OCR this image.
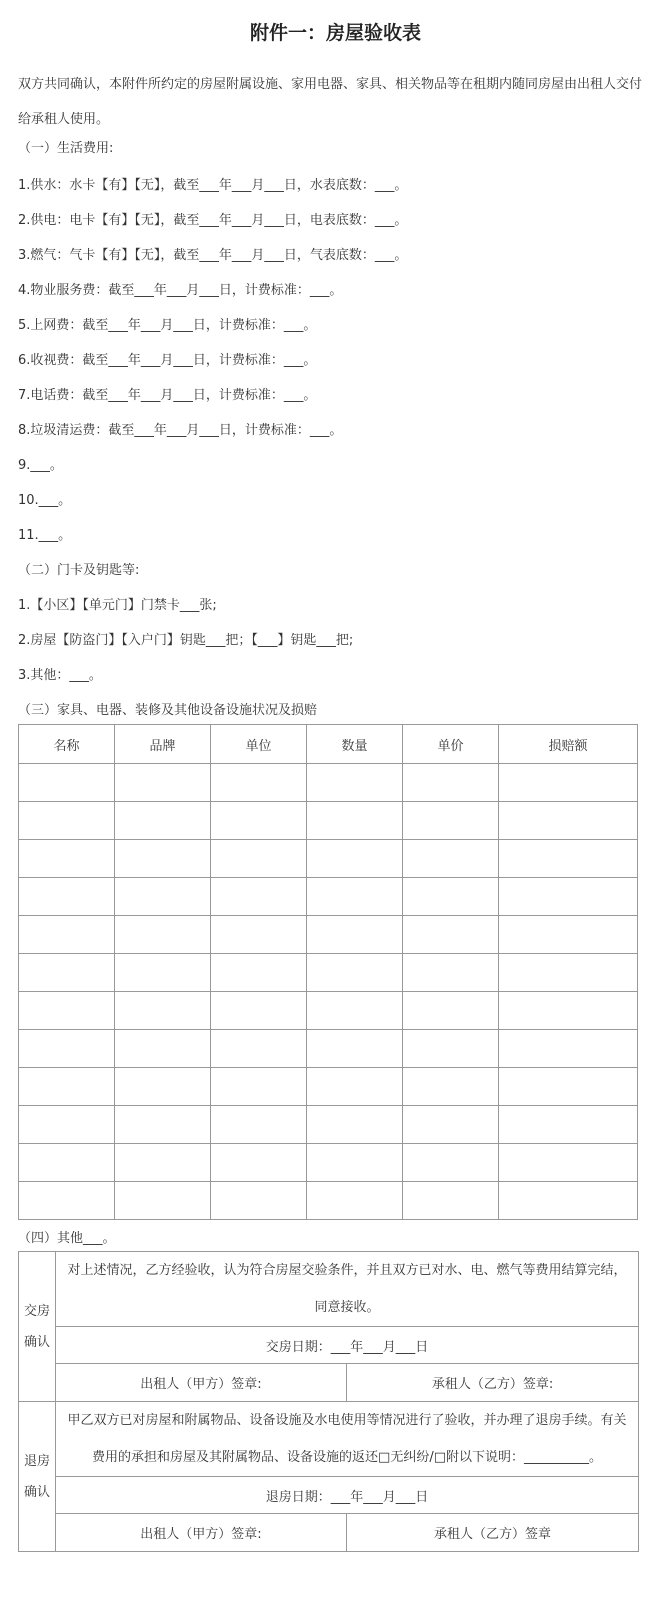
附件一：房屋验收表
双方共同确认，本附件所约定的房屋附属设施、家用电器、家具、相关物品等在租期内随同房屋由出租人交付给承租人使用。
（一）生活费用:
1.供水：水卡【有】【无】，截至___年___月___日，水表底数：___。
2.供电：电卡【有】【无】，截至___年___月___日，电表底数：___。
3.燃气：气卡【有】【无】，截至___年___月___日，气表底数：___。
4.物业服务费：截至___年___月___日，计费标准：___。
5.上网费：截至___年___月___日，计费标准：___。
6.收视费：截至___年___月___日，计费标准：___。
7.电话费：截至___年___月___日，计费标准：___。
8.垃圾清运费：截至___年___月___日，计费标准：___。
9.___。
10.___。
11.___。
（二）门卡及钥匙等:
1.【小区】【单元门】门禁卡___张;
2.房屋【防盗门】【入户门】钥匙___把；【___】钥匙___把;
3.其他：___。
（三）家具、电器、装修及其他设备设施状况及损赔
名称	品牌	单位	数量	单价	损赔额

（四）其他___。
交房
确认	对上述情况，乙方经验收，认为符合房屋交验条件，并且双方已对水、电、燃气等费用结算完结，同意接收。	
	交房日期：___年___月___日	
	出租人（甲方）签章:	承租人（乙方）签章:

退房
确认	甲乙双方已对房屋和附属物品、设备设施及水电使用等情况进行了验收，并办理了退房手续。有关费用的承担和房屋及其附属物品、设备设施的返还□无纠纷/□附以下说明：__________。	
	退房日期：___年___月___日	
	出租人（甲方）签章:	承租人（乙方）签章
